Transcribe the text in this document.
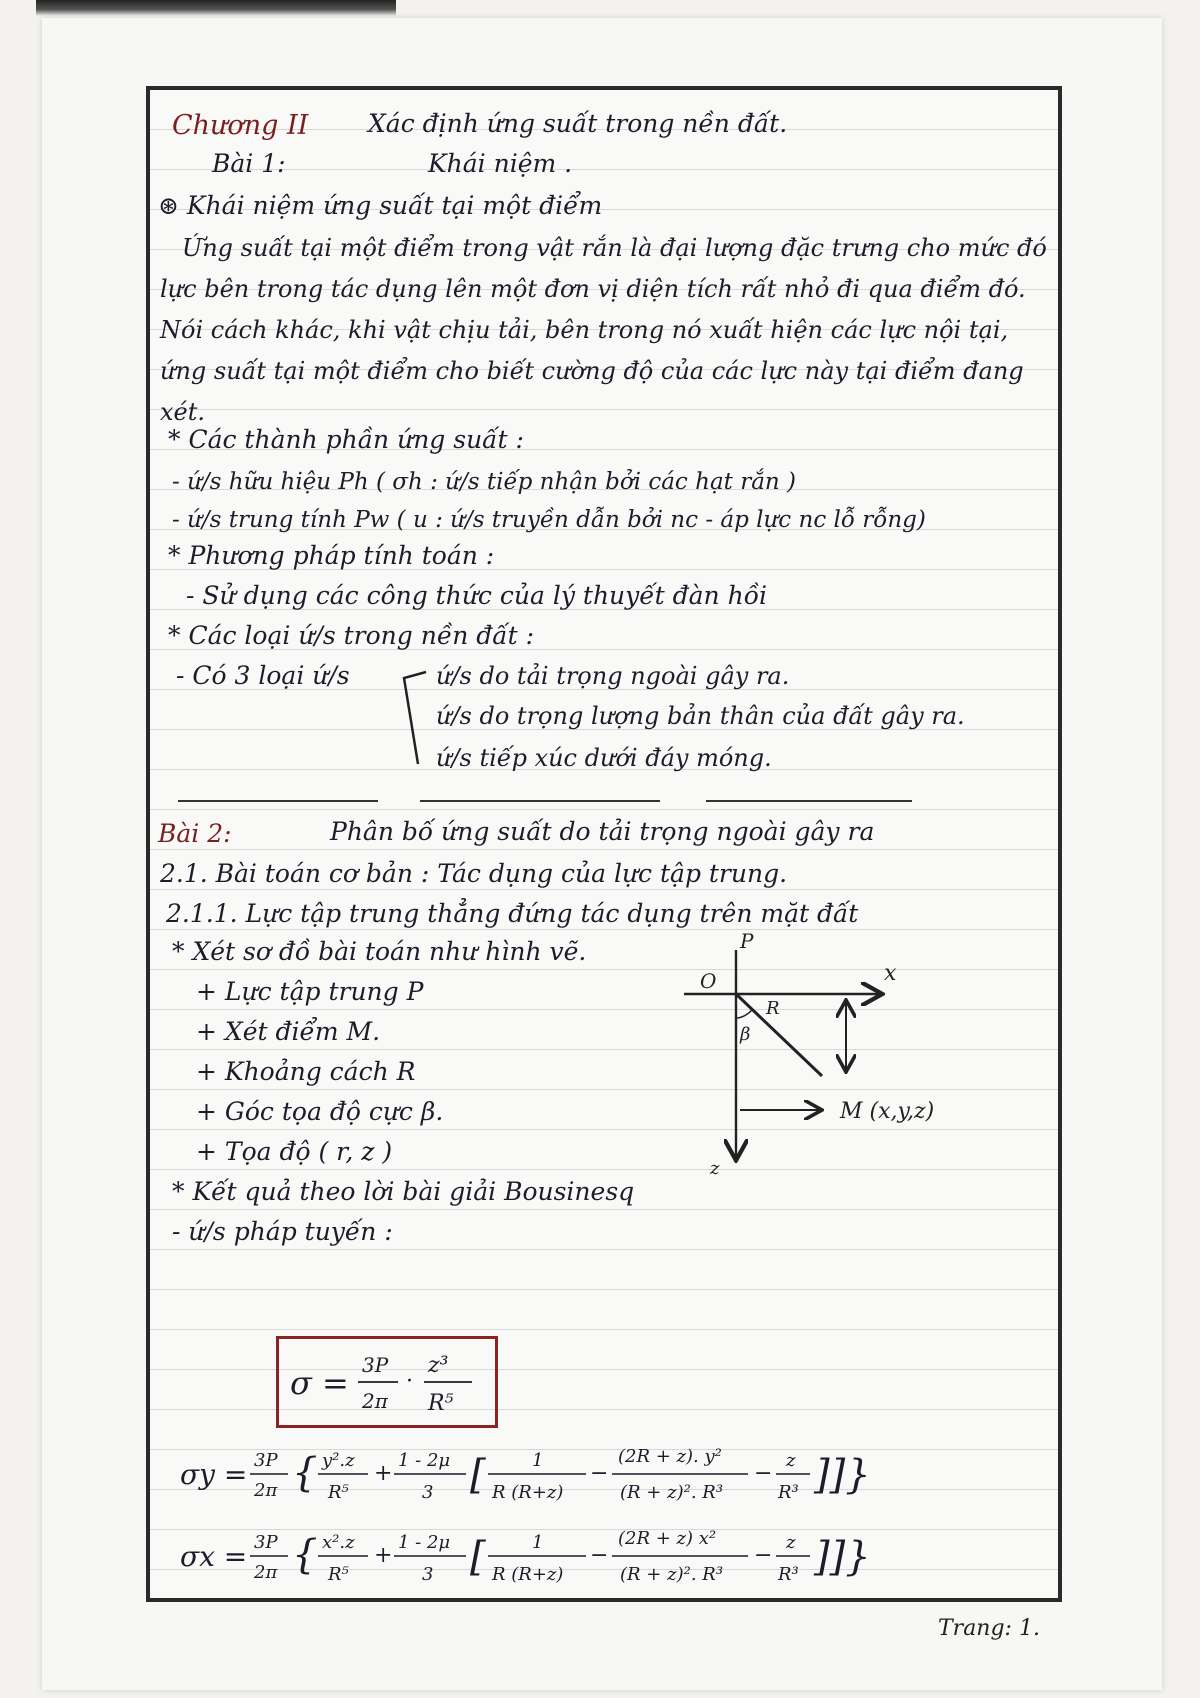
Chương II Xác định ứng suất trong nền đất.
Bài 1:	Khái niệm .
⊛ Khái niệm ứng suất tại một điểm
Ứng suất tại một điểm trong vật rắn là đại lượng đặc trưng cho mức đó lực bên trong tác dụng lên một đơn vị diện tích rất nhỏ đi qua điểm đó. Nói cách khác, khi vật chịu tải, bên trong nó xuất hiện các lực nội tại, ứng suất tại một điểm cho biết cường độ của các lực này tại điểm đang xét.
* Các thành phần ứng suất :
- ứ/s hữu hiệu Ph ( σh : ứ/s tiếp nhận bởi các hạt rắn )
- ứ/s trung tính Pw ( u : ứ/s truyền dẫn bởi nc - áp lực nc lỗ rỗng)
* Phương pháp tính toán :
- Sử dụng các công thức của lý thuyết đàn hồi
* Các loại ứ/s trong nền đất :
- Có 3 loại ứ/s	ứ/s do tải trọng ngoài gây ra.
ứ/s do trọng lượng bản thân của đất gây ra.
ứ/s tiếp xúc dưới đáy móng.
Bài 2:	Phân bố ứng suất do tải trọng ngoài gây ra
2.1. Bài toán cơ bản : Tác dụng của lực tập trung.
2.1.1. Lực tập trung thẳng đứng tác dụng trên mặt đất
* Xét sơ đồ bài toán như hình vẽ.
+ Lực tập trung P
+ Xét điểm M.
+ Khoảng cách R
+ Góc tọa độ cực β.
+ Tọa độ ( r, z )
* Kết quả theo lời bài giải Bousinesq
- ứ/s pháp tuyến :
P
O	x
R
β
z
M (x,y,z)
σ = 3P
2π
·
z³
R⁵
σy = 3P
2π { y².z
R⁵
+
1 - 2μ
3 [	1
R (R+z)
−
(2R + z). y²
(R + z)². R³
−
z
R³ ]]}
σx = 3P
2π { x².z
R⁵
+
1 - 2μ
3 [	1
R (R+z)
−
(2R + z) x²
(R + z)². R³
−
z
R³ ]]}
Trang: 1.
